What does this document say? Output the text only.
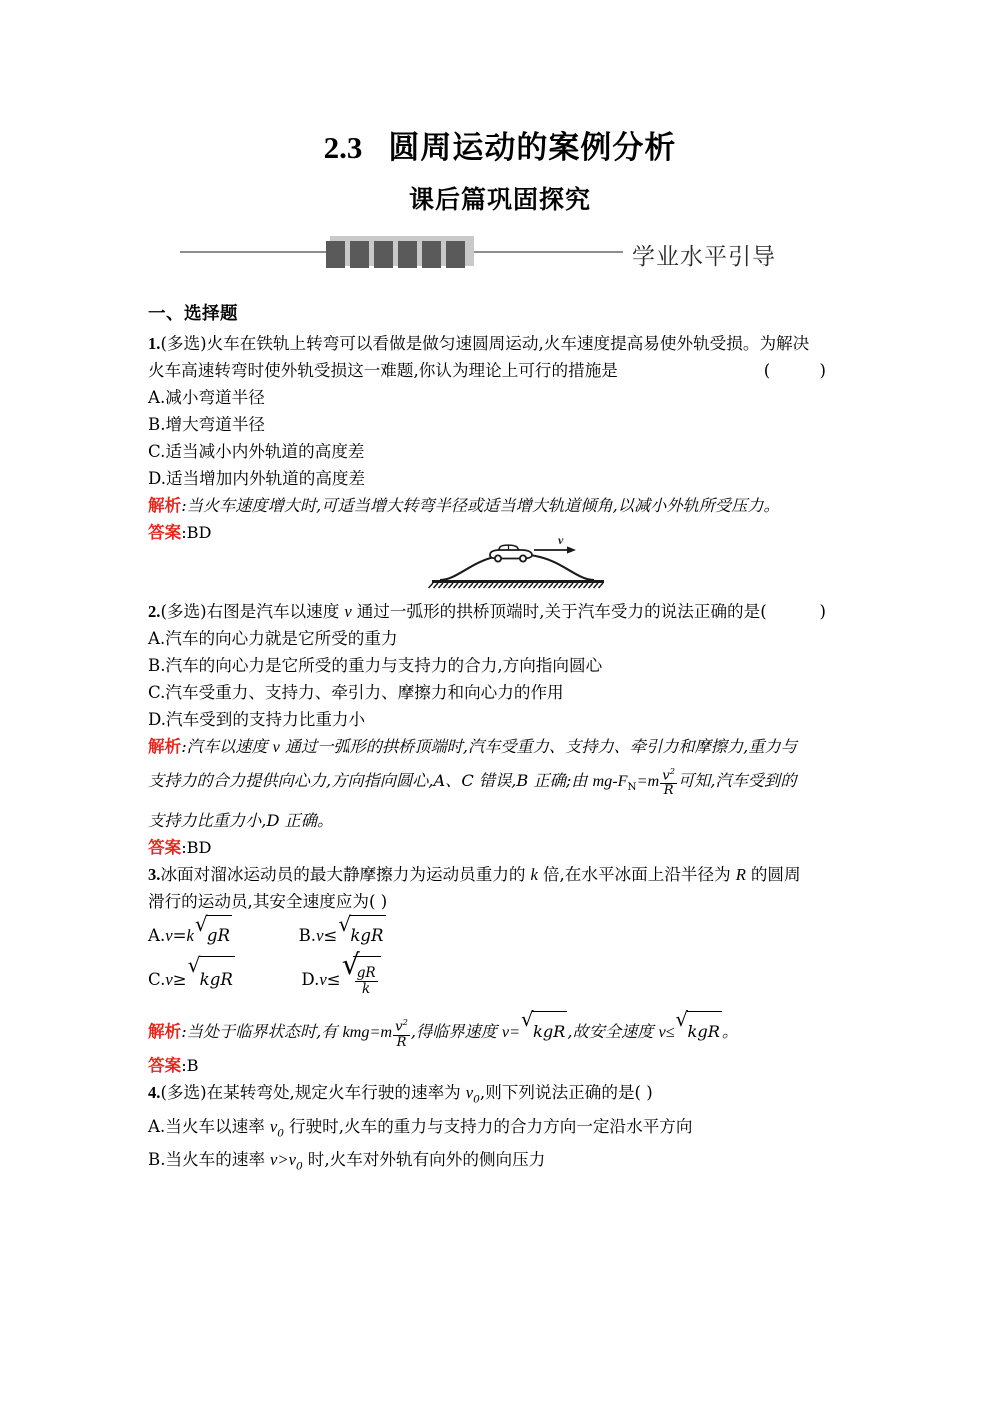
2.3 圆周运动的案例分析
课后篇巩固探究
学业水平引导
v
一、选择题
1.(多选)火车在铁轨上转弯可以看做是做匀速圆周运动,火车速度提高易使外轨受损。为解决
火车高速转弯时使外轨受损这一难题,你认为理论上可行的措施是	( )
A.减小弯道半径
B.增大弯道半径
C.适当减小内外轨道的高度差
D.适当增加内外轨道的高度差
解析:当火车速度增大时,可适当增大转弯半径或适当增大轨道倾角,以减小外轨所受压力。
答案:BD
2.(多选)右图是汽车以速度 v 通过一弧形的拱桥顶端时,关于汽车受力的说法正确的是(	)
A.汽车的向心力就是它所受的重力
B.汽车的向心力是它所受的重力与支持力的合力,方向指向圆心
C.汽车受重力、支持力、牵引力、摩擦力和向心力的作用
D.汽车受到的支持力比重力小
解析:汽车以速度 v 通过一弧形的拱桥顶端时,汽车受重力、支持力、牵引力和摩擦力,重力与
支持力的合力提供向心力,方向指向圆心,A、C 错误,B 正确;由 $mg-F_N=m \frac{v^2}{R}$ 可知,汽车受到的
支持力比重力小,D 正确。
答案:BD
3.冰面对溜冰运动员的最大静摩擦力为运动员重力的 k 倍,在水平冰面上沿半径为 R 的圆周
滑行的运动员,其安全速度应为( )
A.v=k √ gR	B.v≤ √ kgR
C.v≥
√
kgR	D.v≤ √
$\frac{gR}{k}$
解析:当处于临界状态时,有 $kmg=m \frac{v^2}{R}$ ,得临界速度 v=
√
kgR ,故安全速度 v≤
√
kgR 。
答案:B
4.(多选)在某转弯处,规定火车行驶的速率为 $v_0$,则下列说法正确的是( )
A.当火车以速率 $v_0$ 行驶时,火车的重力与支持力的合力方向一定沿水平方向
B.当火车的速率 $v>v_0$ 时,火车对外轨有向外的侧向压力
